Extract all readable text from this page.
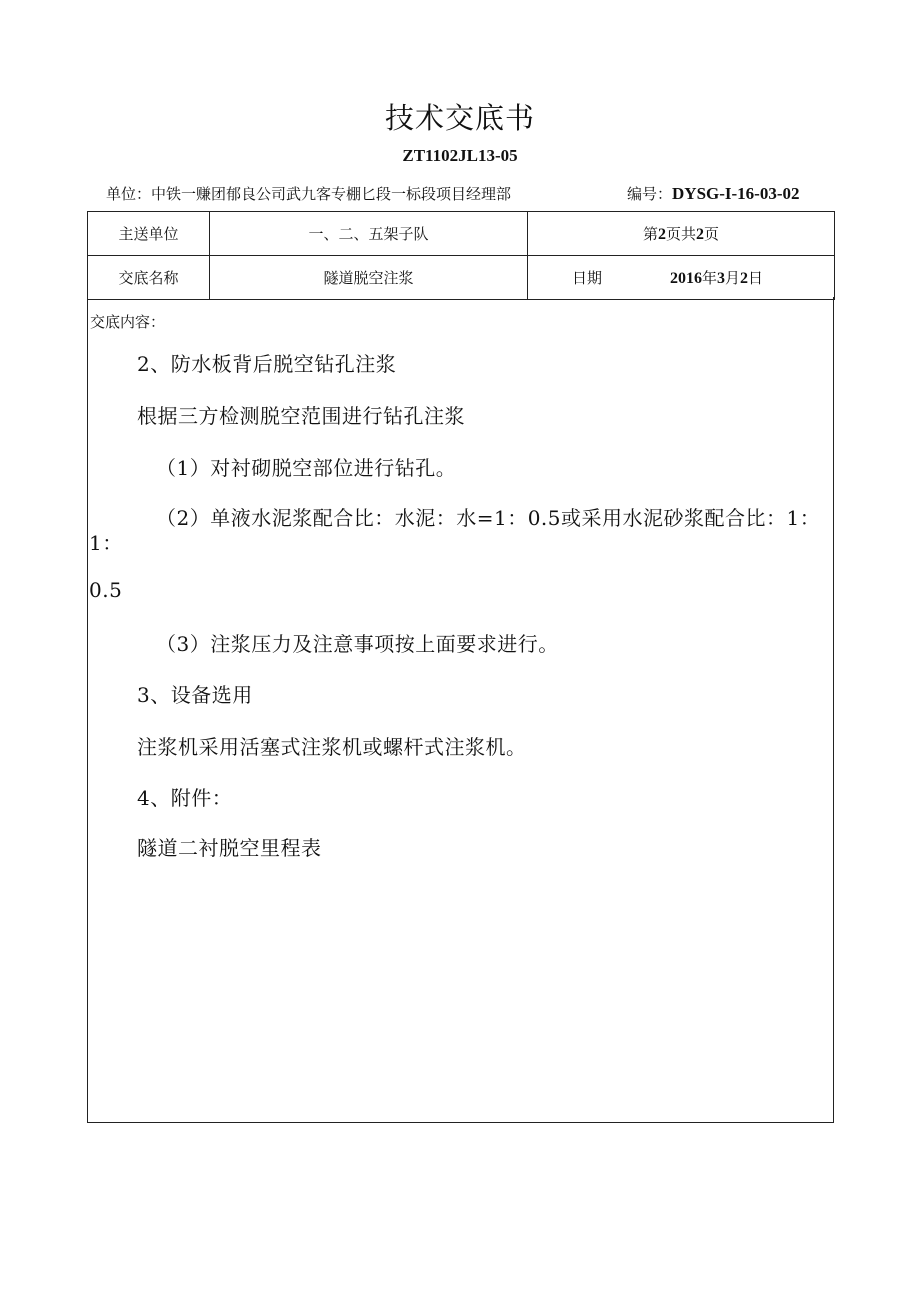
技术交底书
ZT1102JL13-05
单位：中铁一赚团郁良公司武九客专棚匕段一标段项目经理部	编号：DYSG-I-16-03-02
主送单位	一、二、五架子队	第2页共2页
交底名称	隧道脱空注浆	日期 2016年3月2日
交底内容：
2、防水板背后脱空钻孔注浆
根据三方检测脱空范围进行钻孔注浆
（1）对衬砌脱空部位进行钻孔。
（2）单液水泥浆配合比：水泥：水=1：0.5或采用水泥砂浆配合比：1：
1：
0.5
（3）注浆压力及注意事项按上面要求进行。
3、设备选用
注浆机采用活塞式注浆机或螺杆式注浆机。
4、附件：
隧道二衬脱空里程表
